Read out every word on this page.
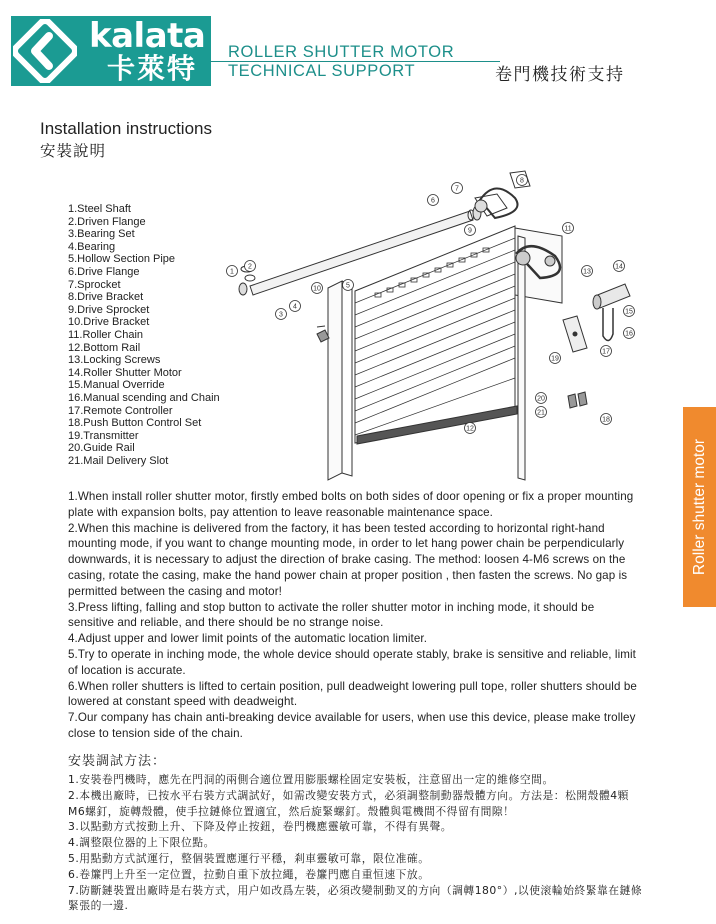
kalata
卡萊特 ROLLER SHUTTER MOTOR
TECHNICAL SUPPORT	卷門機技術支持
Installation instructions
安裝說明
1.Steel Shaft
2.Driven Flange
3.Bearing Set
4.Bearing
5.Hollow Section Pipe
6.Drive Flange
7.Sprocket
8.Drive Bracket
9.Drive Sprocket
10.Drive Bracket
11.Roller Chain
12.Bottom Rail
13.Locking Screws
14.Roller Shutter Motor
15.Manual Override
16.Manual scending and Chain
17.Remote Controller
18.Push Button Control Set
19.Transmitter
20.Guide Rail
21.Mail Delivery Slot
1
2
3
4
5
6
7
8
9
10
11
12
13
14
15
16
17
18
19
20
21
Roller shutter motor

1.When install roller shutter motor, firstly embed bolts on both sides of door opening or fix a proper mounting plate with expansion bolts, pay attention to leave reasonable maintenance space.

2.When this machine is delivered from the factory, it has been tested according to horizontal right-hand mounting mode, if you want to change mounting mode, in order to let hang power chain be perpendicularly downwards, it is necessary to adjust the direction of brake casing. The method: loosen 4-M6 screws on the casing, rotate the casing, make the hand power chain at proper position , then fasten the screws. No gap is permitted between the casing and motor!

3.Press lifting, falling and stop button to activate the roller shutter motor in inching mode, it should be sensitive and reliable, and there should be no strange noise.

4.Adjust upper and lower limit points of the automatic location limiter.

5.Try to operate in inching mode, the whole device should operate stably, brake is sensitive and reliable, limit of location is accurate.

6.When roller shutters is lifted to certain position, pull deadweight lowering pull tope, roller shutters should be lowered at constant speed with deadweight.

7.Our company has chain anti-breaking device available for users, when use this device, please make trolley close to tension side of the chain.

安裝調試方法：

1.安裝卷門機時，應先在門洞的兩側合適位置用膨脹螺栓固定安裝板，注意留出一定的維修空間。

2.本機出廠時，已按水平右裝方式調試好，如需改變安裝方式，必須調整制動器殼體方向。方法是：松開殼體4顆M6螺釘，旋轉殼體，使手拉鏈條位置適宜，然后旋緊螺釘。殼體與電機間不得留有間隙！

3.以點動方式按動上升、下降及停止按鈕，卷門機應靈敏可靠，不得有異聲。

4.調整限位器的上下限位點。

5.用點動方式試運行，整個裝置應運行平穩，剎車靈敏可靠，限位准確。

6.卷簾門上升至一定位置，拉動自重下放拉繩，卷簾門應自重恒速下放。

7.防斷鏈裝置出廠時是右裝方式，用户如改爲左裝，必須改變制動叉的方向（調轉180°）,以使滚輪始終緊靠在鏈條緊張的一邊.
